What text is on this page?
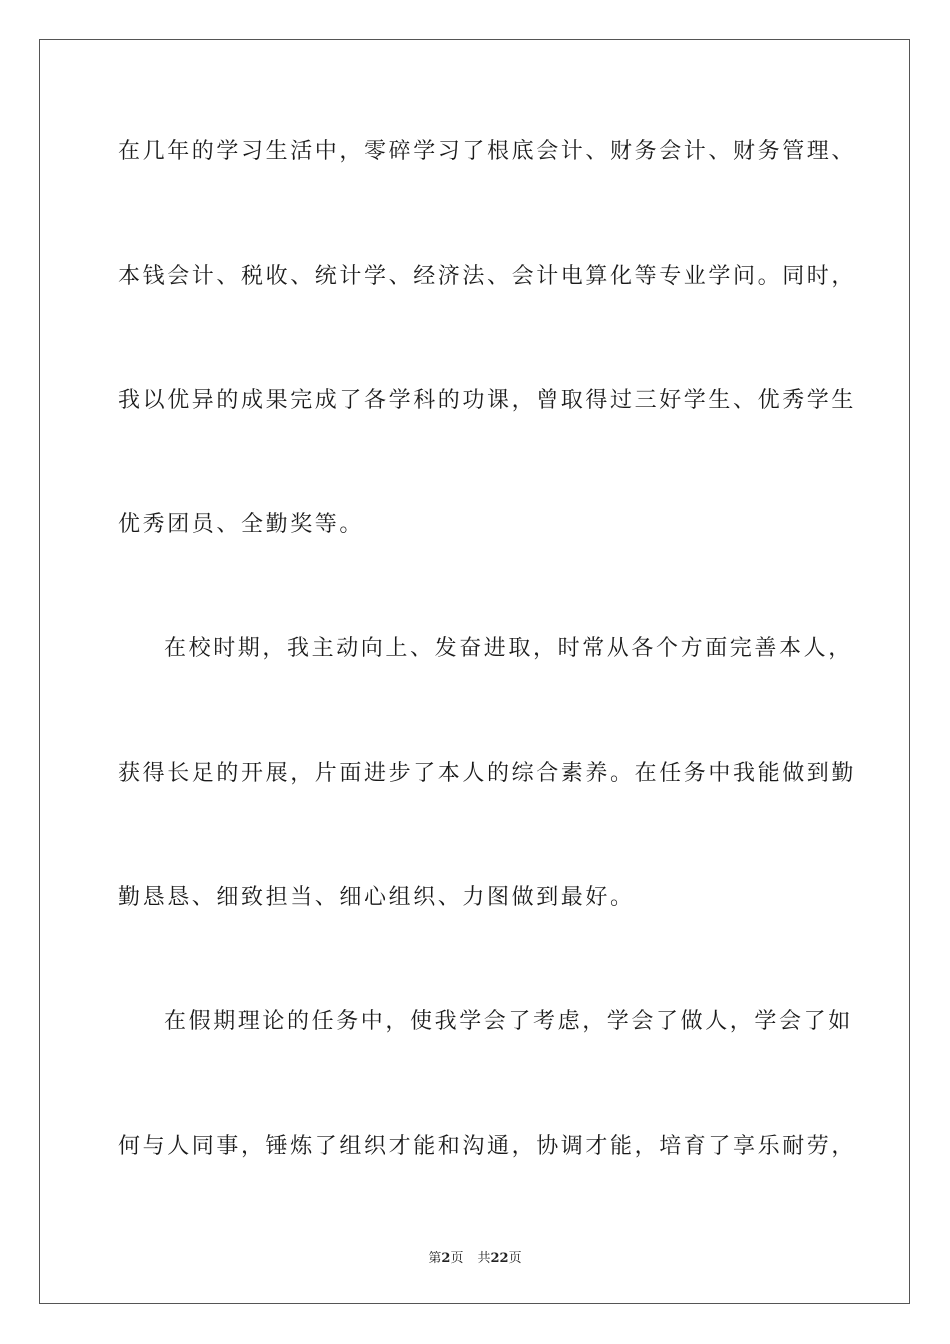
在几年的学习生活中，零碎学习了根底会计、财务会计、财务管理、
本钱会计、税收、统计学、经济法、会计电算化等专业学问。同时，
我以优异的成果完成了各学科的功课，曾取得过三好学生、优秀学生
优秀团员、全勤奖等。
在校时期，我主动向上、发奋进取，时常从各个方面完善本人，
获得长足的开展，片面进步了本人的综合素养。在任务中我能做到勤
勤恳恳、细致担当、细心组织、力图做到最好。
在假期理论的任务中，使我学会了考虑，学会了做人，学会了如
何与人同事，锤炼了组织才能和沟通，协调才能，培育了享乐耐劳，
第2页 共22页
